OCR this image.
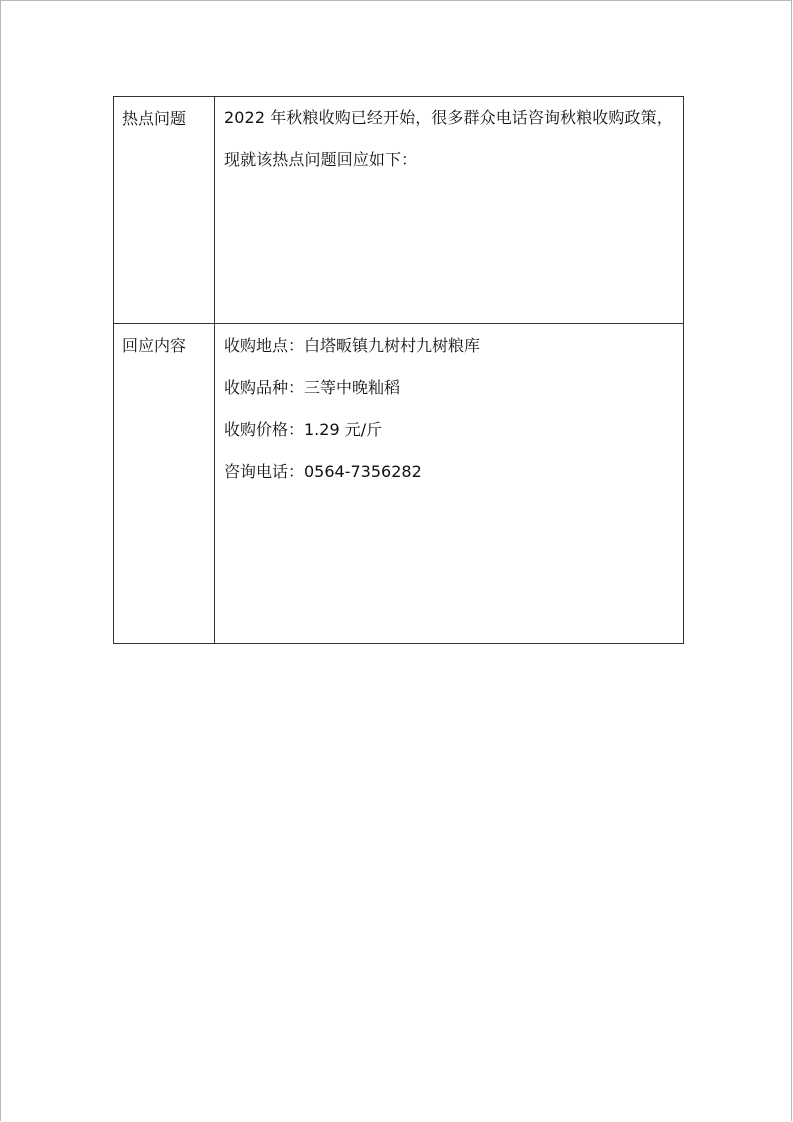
热点问题	2022 年秋粮收购已经开始，很多群众电话咨询秋粮收购政策，现就该热点问题回应如下：

回应内容	收购地点：白塔畈镇九树村九树粮库
收购品种：三等中晚籼稻
收购价格：1.29 元/斤
咨询电话：0564-7356282
